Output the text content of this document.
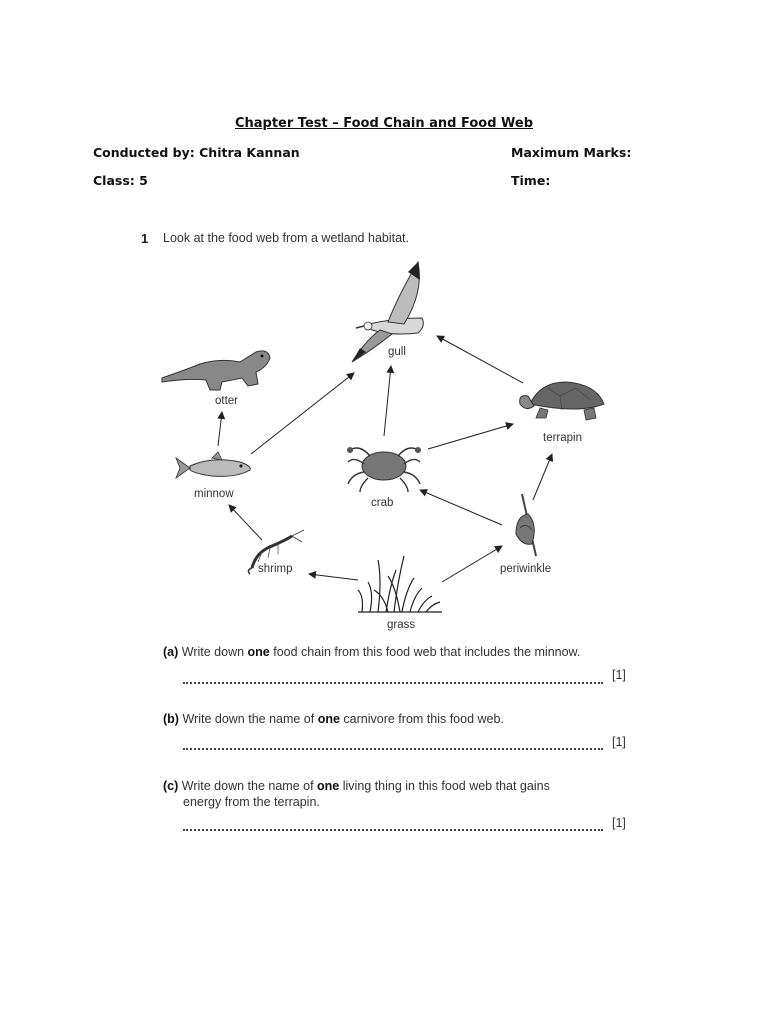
Chapter Test – Food Chain and Food Web
Conducted by: Chitra Kannan	Maximum Marks:
Class: 5	Time:
1 Look at the food web from a wetland habitat.
gull
otter
terrapin
minnow
crab
periwinkle
shrimp
grass
(a) Write down one food chain from this food web that includes the minnow.
[1]
(b) Write down the name of one carnivore from this food web.
[1]
(c) Write down the name of one living thing in this food web that gains
energy from the terrapin.
[1]
